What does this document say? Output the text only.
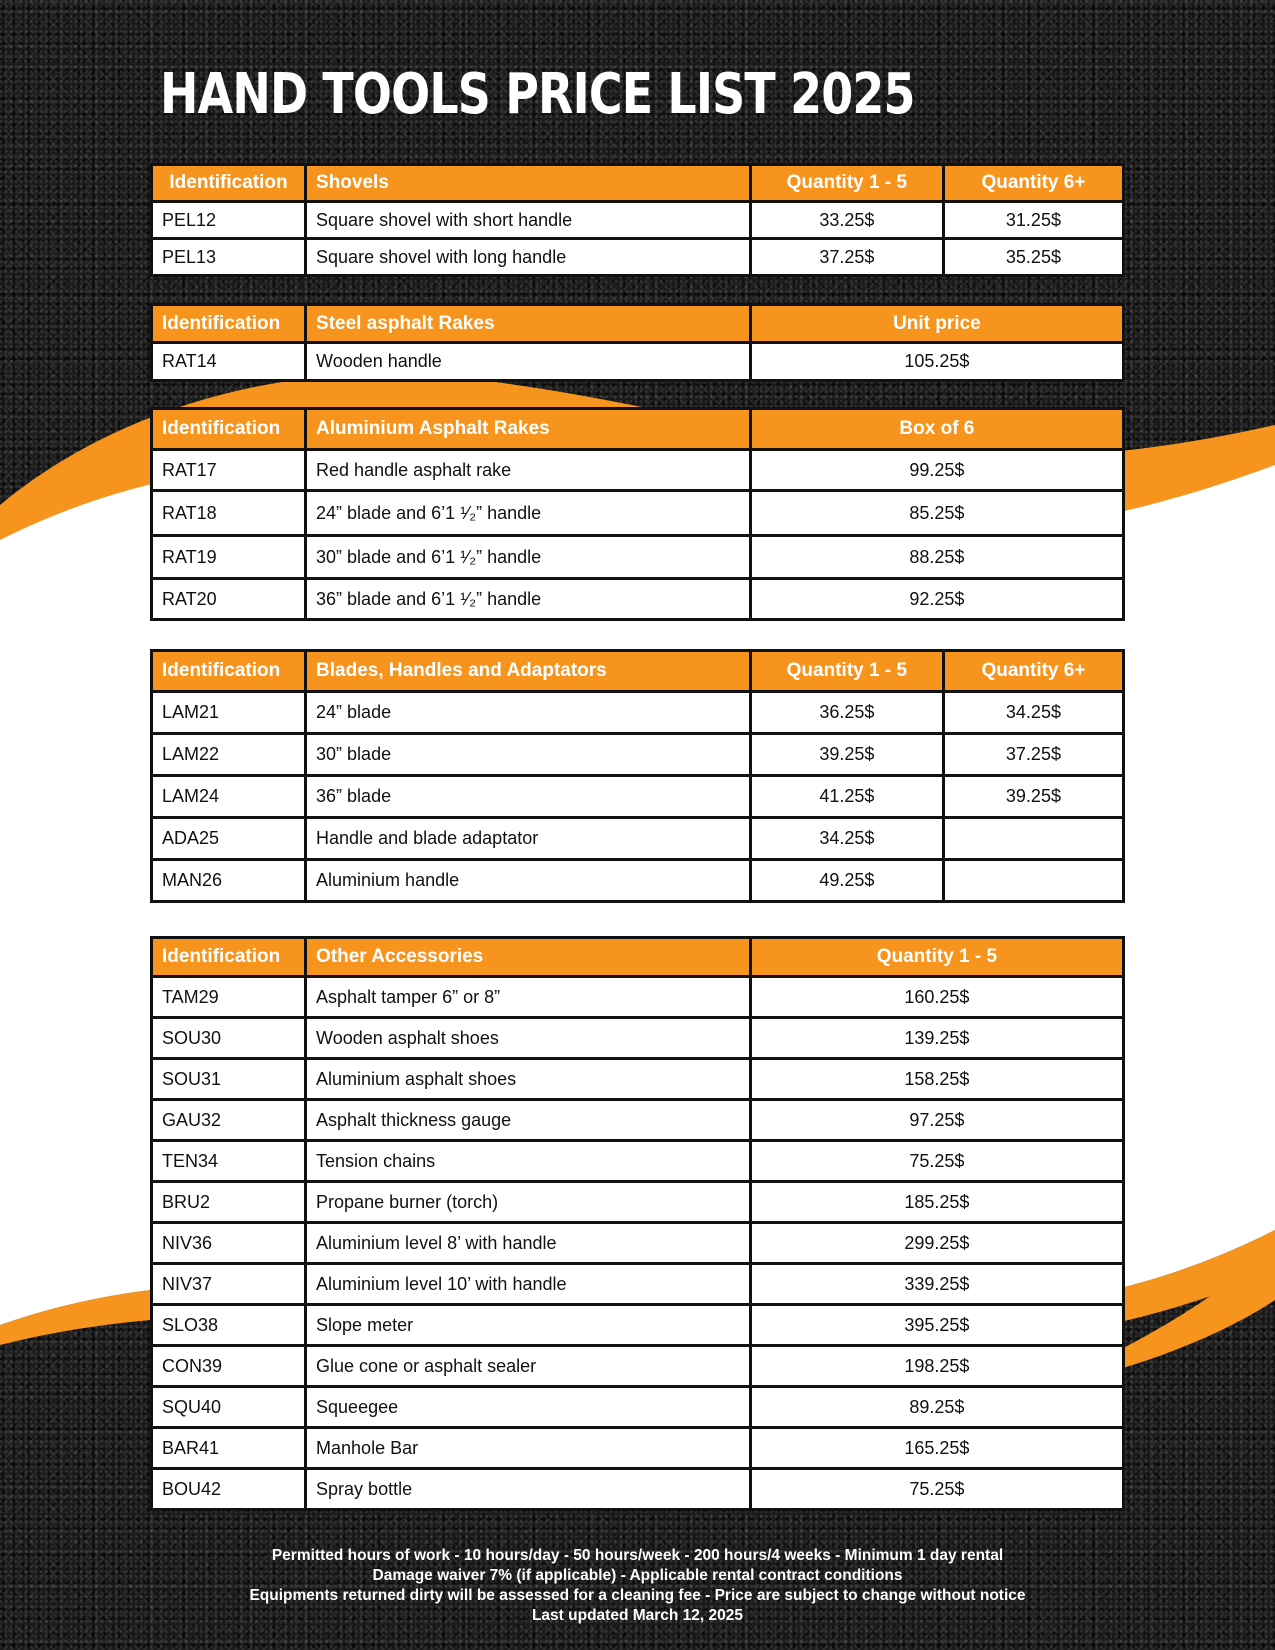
HAND TOOLS PRICE LIST 2025
Identification	Shovels	Quantity 1 - 5	Quantity 6+
PEL12	Square shovel with short handle	33.25$	31.25$
PEL13	Square shovel with long handle	37.25$	35.25$
Identification	Steel asphalt Rakes	Unit price
RAT14	Wooden handle	105.25$
Identification	Aluminium Asphalt Rakes	Box of 6
RAT17	Red handle asphalt rake	99.25$
RAT18	24” blade and 6’1 ¹⁄₂” handle	85.25$
RAT19	30” blade and 6’1 ¹⁄₂” handle	88.25$
RAT20	36” blade and 6’1 ¹⁄₂” handle	92.25$
Identification	Blades, Handles and Adaptators	Quantity 1 - 5	Quantity 6+
LAM21	24” blade	36.25$	34.25$
LAM22	30” blade	39.25$	37.25$
LAM24	36” blade	41.25$	39.25$
ADA25	Handle and blade adaptator	34.25$	
MAN26	Aluminium handle	49.25$	
Identification	Other Accessories	Quantity 1 - 5
TAM29	Asphalt tamper 6” or 8”	160.25$
SOU30	Wooden asphalt shoes	139.25$
SOU31	Aluminium asphalt shoes	158.25$
GAU32	Asphalt thickness gauge	97.25$
TEN34	Tension chains	75.25$
BRU2	Propane burner (torch)	185.25$
NIV36	Aluminium level 8’ with handle	299.25$
NIV37	Aluminium level 10’ with handle	339.25$
SLO38	Slope meter	395.25$
CON39	Glue cone or asphalt sealer	198.25$
SQU40	Squeegee	89.25$
BAR41	Manhole Bar	165.25$
BOU42	Spray bottle	75.25$
Permitted hours of work - 10 hours/day - 50 hours/week - 200 hours/4 weeks - Minimum 1 day rental
Damage waiver 7% (if applicable) - Applicable rental contract conditions
Equipments returned dirty will be assessed for a cleaning fee - Price are subject to change without notice
Last updated March 12, 2025
